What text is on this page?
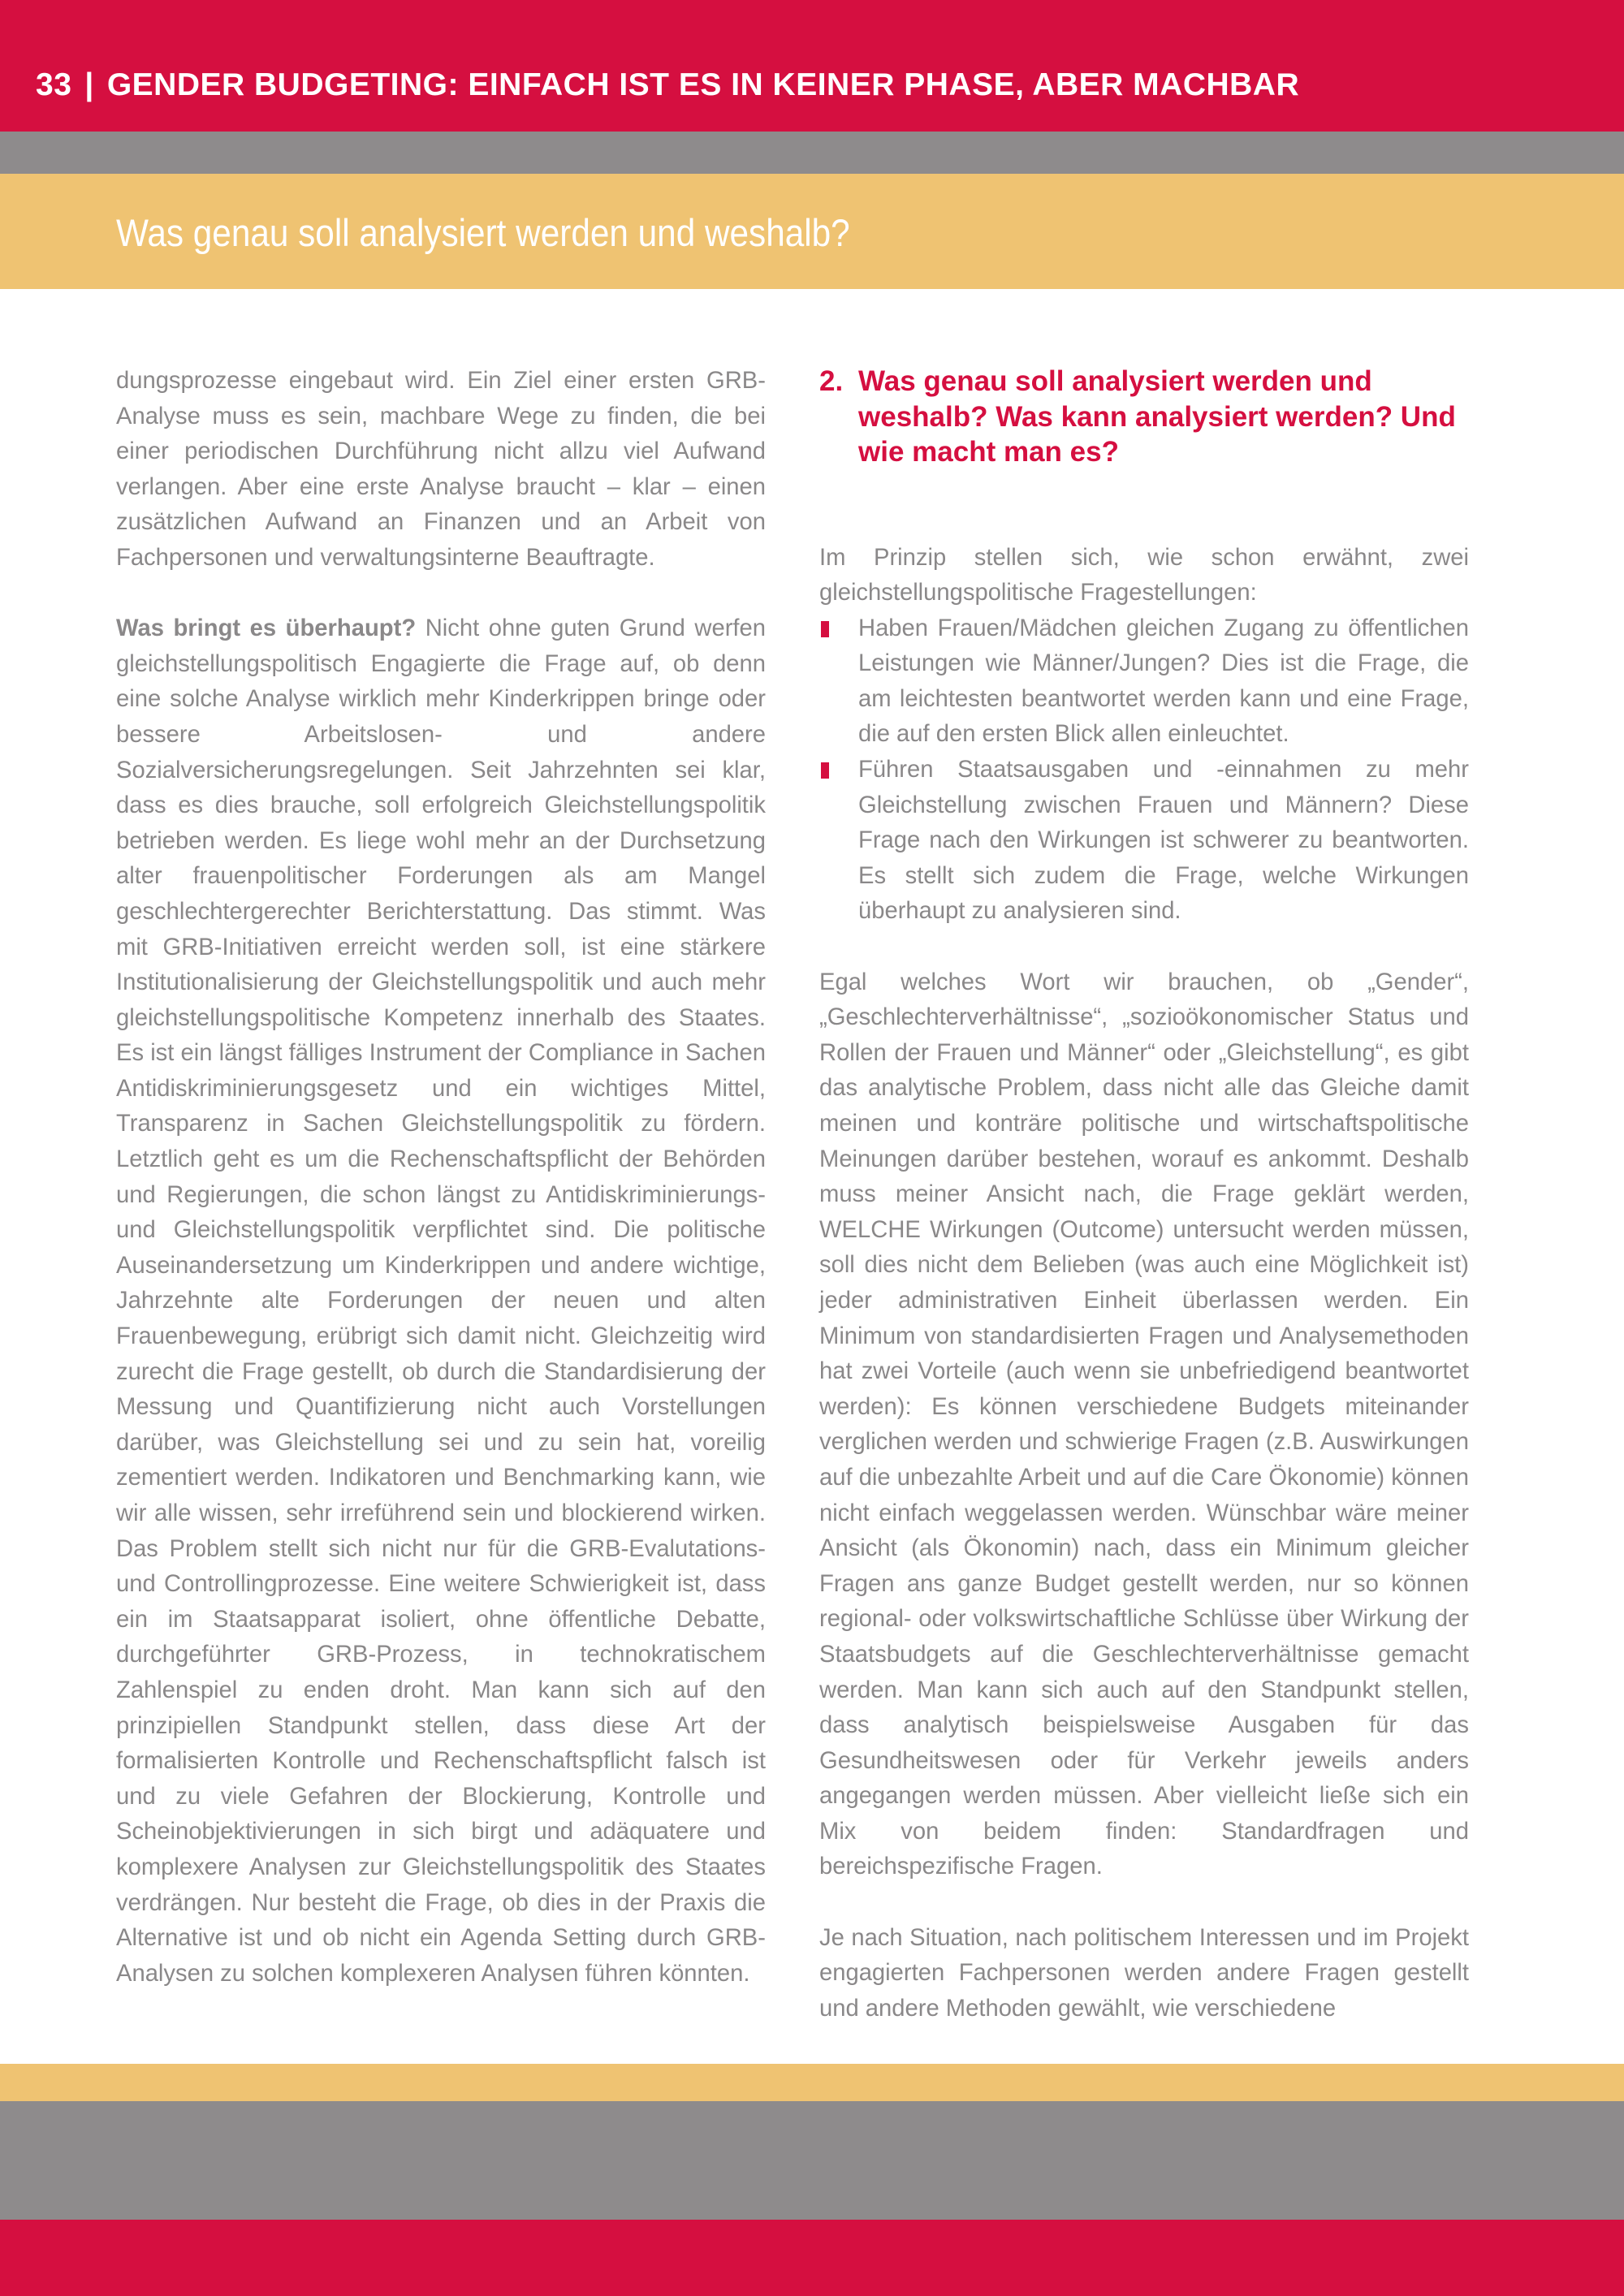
33 | GENDER BUDGETING: EINFACH IST ES IN KEINER PHASE, ABER MACHBAR
Was genau soll analysiert werden und weshalb?

dungsprozesse eingebaut wird. Ein Ziel einer ersten GRB-Analyse muss es sein, machbare Wege zu finden, die bei einer periodischen Durchführung nicht allzu viel Aufwand verlangen. Aber eine erste Analyse braucht – klar – einen zusätzlichen Aufwand an Finanzen und an Arbeit von Fachpersonen und verwaltungsinterne Beauftragte.

Was bringt es überhaupt? Nicht ohne guten Grund werfen gleichstellungspolitisch Engagierte die Frage auf, ob denn eine solche Analyse wirklich mehr Kinderkrippen bringe oder bessere Arbeitslosen- und andere Sozialversicherungsregelungen. Seit Jahrzehnten sei klar, dass es dies brauche, soll erfolgreich Gleichstellungspolitik betrieben werden. Es liege wohl mehr an der Durchsetzung alter frauenpolitischer Forderungen als am Mangel geschlechtergerechter Berichterstattung. Das stimmt. Was mit GRB-Initiativen erreicht werden soll, ist eine stärkere Institutionalisierung der Gleichstellungspolitik und auch mehr gleichstellungspolitische Kompetenz innerhalb des Staates. Es ist ein längst fälliges Instrument der Compliance in Sachen Antidiskriminierungsgesetz und ein wichtiges Mittel, Transparenz in Sachen Gleichstellungspolitik zu fördern. Letztlich geht es um die Rechenschaftspflicht der Behörden und Regierungen, die schon längst zu Antidiskriminierungs- und Gleichstellungspolitik verpflichtet sind. Die politische Auseinandersetzung um Kinderkrippen und andere wichtige, Jahrzehnte alte Forderungen der neuen und alten Frauenbewegung, erübrigt sich damit nicht. Gleichzeitig wird zurecht die Frage gestellt, ob durch die Standardisierung der Messung und Quantifizierung nicht auch Vorstellungen darüber, was Gleichstellung sei und zu sein hat, voreilig zementiert werden. Indikatoren und Benchmarking kann, wie wir alle wissen, sehr irreführend sein und blockierend wirken. Das Problem stellt sich nicht nur für die GRB-Evalutations- und Controllingprozesse. Eine weitere Schwierigkeit ist, dass ein im Staatsapparat isoliert, ohne öffentliche Debatte, durchgeführter GRB-Prozess, in technokratischem Zahlenspiel zu enden droht. Man kann sich auf den prinzipiellen Standpunkt stellen, dass diese Art der formalisierten Kontrolle und Rechenschaftspflicht falsch ist und zu viele Gefahren der Blockierung, Kontrolle und Scheinobjektivierungen in sich birgt und adäquatere und komplexere Analysen zur Gleichstellungspolitik des Staates verdrängen. Nur besteht die Frage, ob dies in der Praxis die Alternative ist und ob nicht ein Agenda Setting durch GRB-Analysen zu solchen komplexeren Analysen führen könnten.

2. Was genau soll analysiert werden und weshalb? Was kann analysiert werden? Und wie macht man es?

Im Prinzip stellen sich, wie schon erwähnt, zwei gleichstellungspolitische Fragestellungen:

Haben Frauen/Mädchen gleichen Zugang zu öffentlichen Leistungen wie Männer/Jungen? Dies ist die Frage, die am leichtesten beantwortet werden kann und eine Frage, die auf den ersten Blick allen einleuchtet.
Führen Staatsausgaben und -einnahmen zu mehr Gleichstellung zwischen Frauen und Männern? Diese Frage nach den Wirkungen ist schwerer zu beantworten. Es stellt sich zudem die Frage, welche Wirkungen überhaupt zu analysieren sind.

Egal welches Wort wir brauchen, ob „Gender“, „Geschlechterverhältnisse“, „sozioökonomischer Status und Rollen der Frauen und Männer“ oder „Gleichstellung“, es gibt das analytische Problem, dass nicht alle das Gleiche damit meinen und konträre politische und wirtschaftspolitische Meinungen darüber bestehen, worauf es ankommt. Deshalb muss meiner Ansicht nach, die Frage geklärt werden, WELCHE Wirkungen (Outcome) untersucht werden müssen, soll dies nicht dem Belieben (was auch eine Möglichkeit ist) jeder administrativen Einheit überlassen werden. Ein Minimum von standardisierten Fragen und Analysemethoden hat zwei Vorteile (auch wenn sie unbefriedigend beantwortet werden): Es können verschiedene Budgets miteinander verglichen werden und schwierige Fragen (z.B. Auswirkungen auf die unbezahlte Arbeit und auf die Care Ökonomie) können nicht einfach weggelassen werden. Wünschbar wäre meiner Ansicht (als Ökonomin) nach, dass ein Minimum gleicher Fragen ans ganze Budget gestellt werden, nur so können regional- oder volkswirtschaftliche Schlüsse über Wirkung der Staatsbudgets auf die Geschlechterverhältnisse gemacht werden. Man kann sich auch auf den Standpunkt stellen, dass analytisch beispielsweise Ausgaben für das Gesundheitswesen oder für Verkehr jeweils anders angegangen werden müssen. Aber vielleicht ließe sich ein Mix von beidem finden: Standardfragen und bereichspezifische Fragen.

Je nach Situation, nach politischem Interessen und im Projekt engagierten Fachpersonen werden andere Fragen gestellt und andere Methoden gewählt, wie verschiedene
